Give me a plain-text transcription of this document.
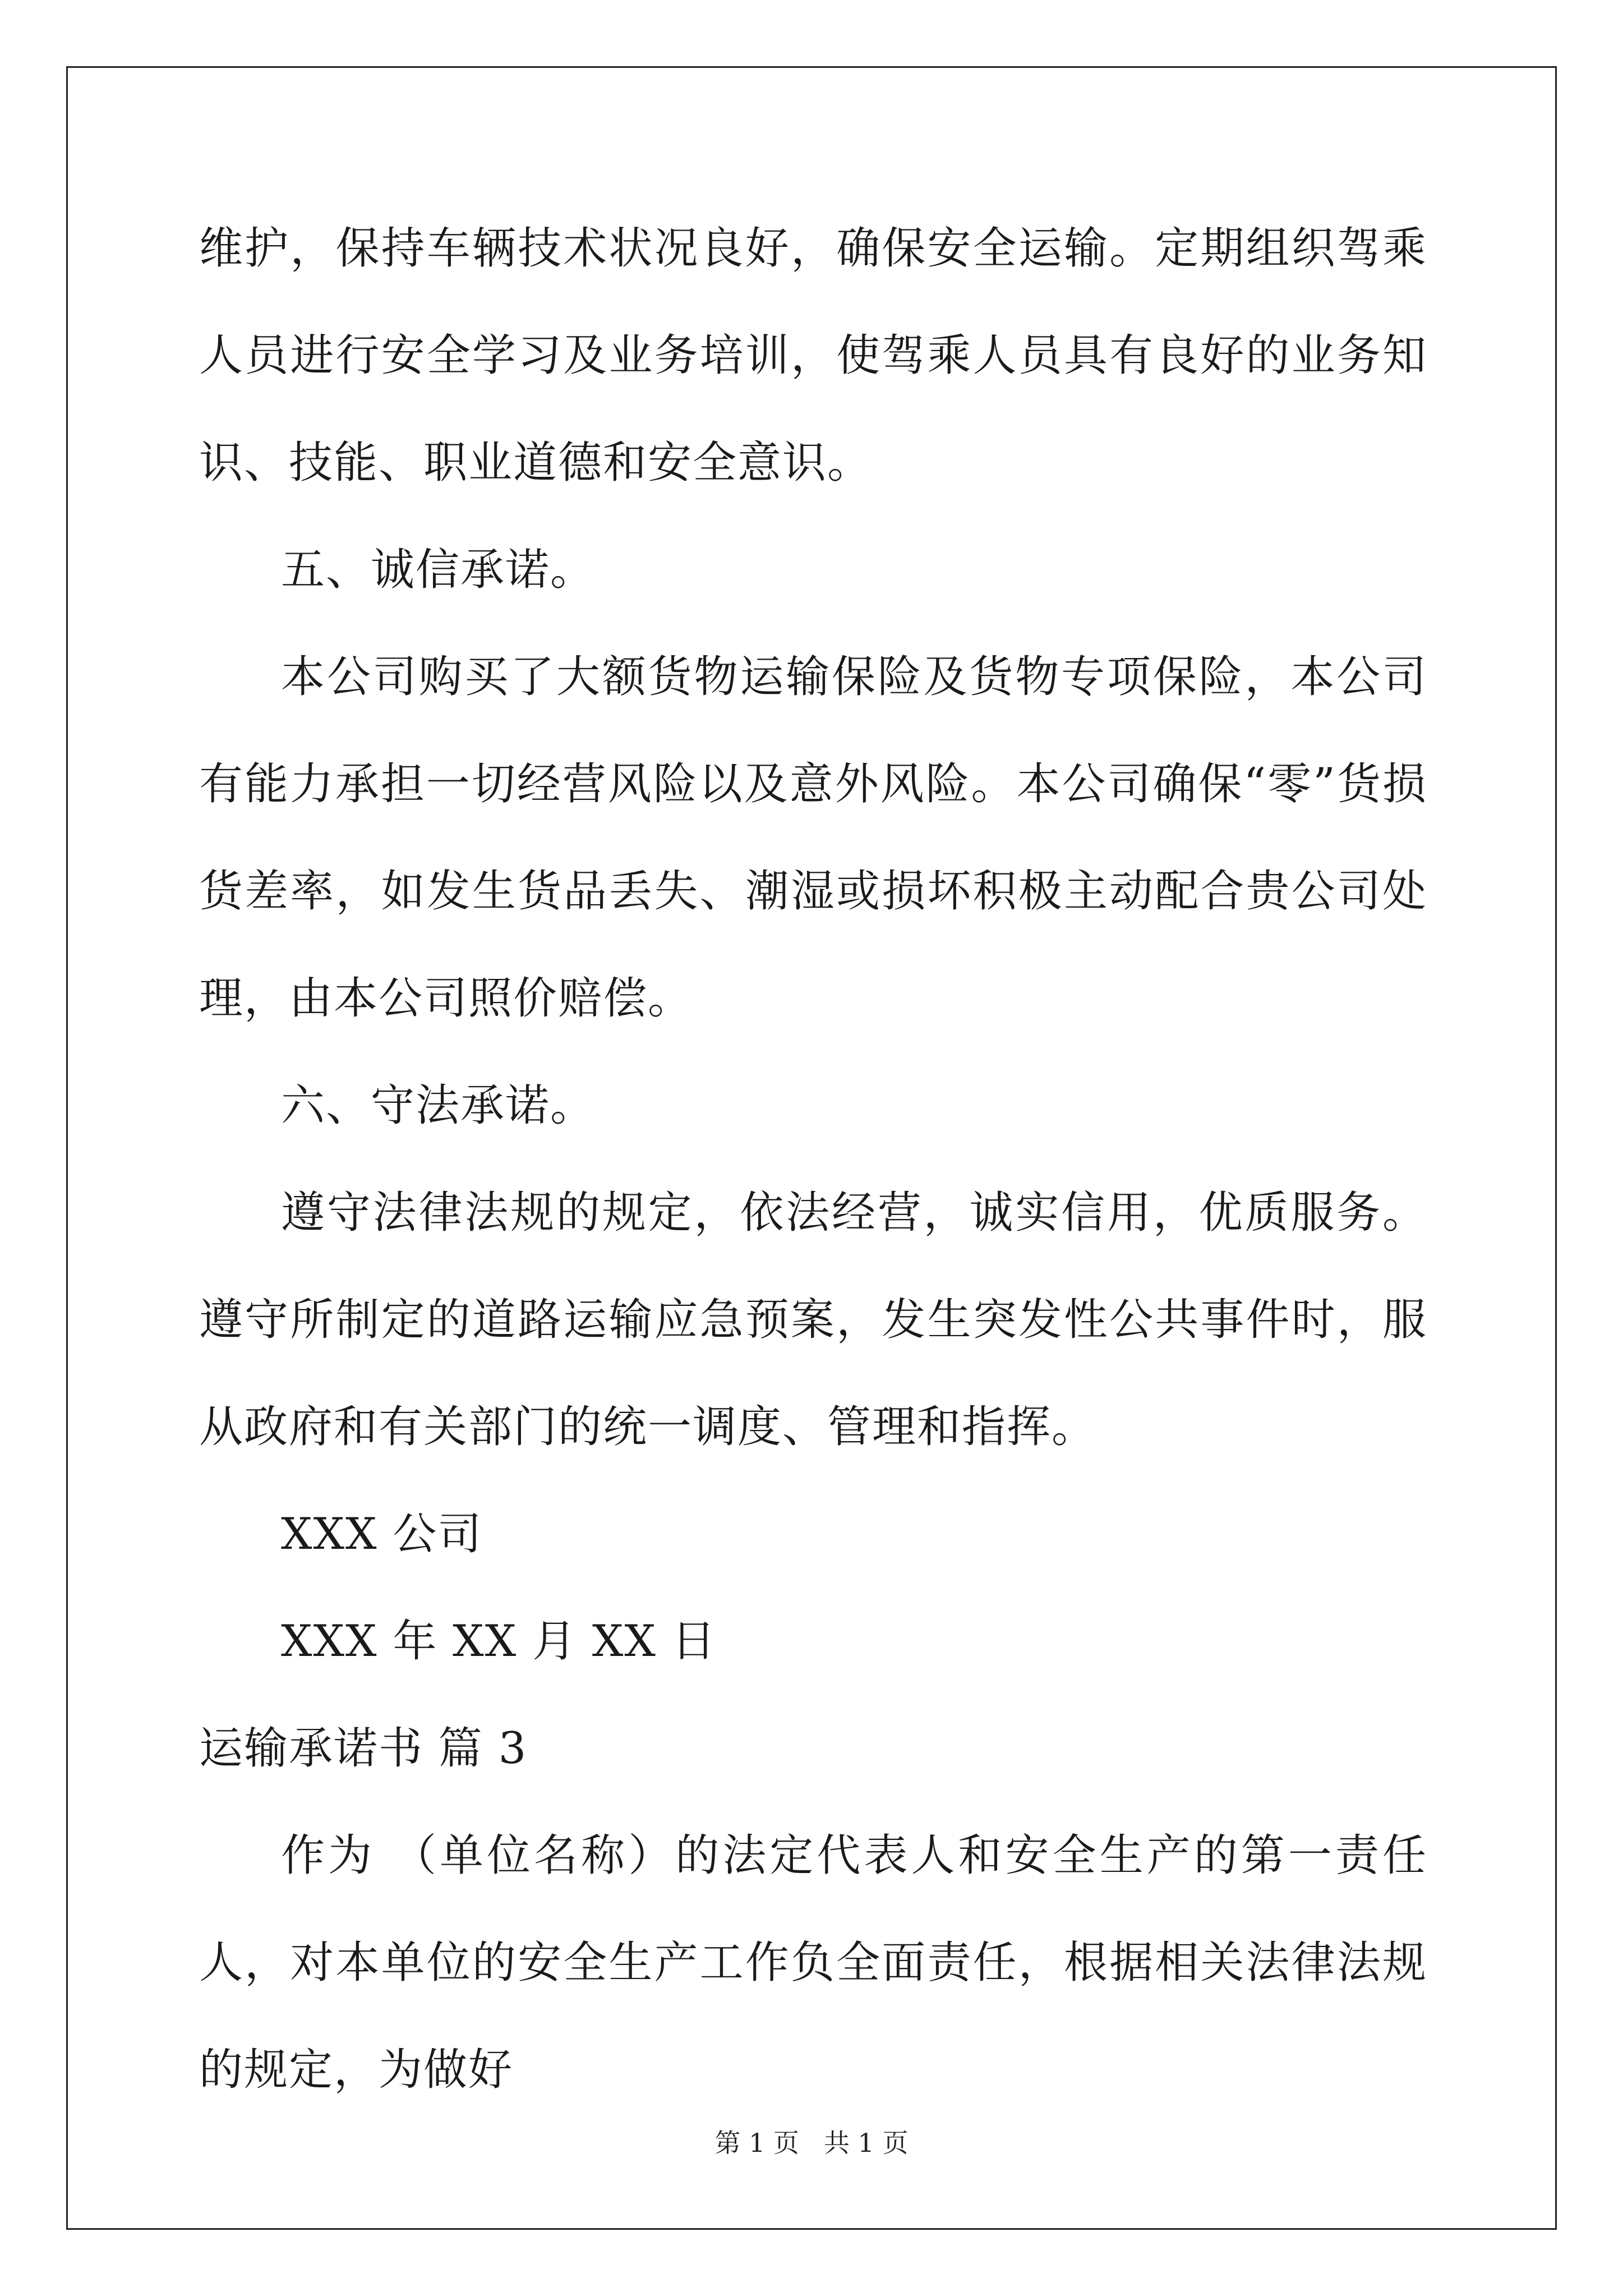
维护，保持车辆技术状况良好，确保安全运输。定期组织驾乘人员进行安全学习及业务培训，使驾乘人员具有良好的业务知识、技能、职业道德和安全意识。

五、诚信承诺。

本公司购买了大额货物运输保险及货物专项保险，本公司有能力承担一切经营风险以及意外风险。本公司确保“零”货损货差率，如发生货品丢失、潮湿或损坏积极主动配合贵公司处理，由本公司照价赔偿。

六、守法承诺。

遵守法律法规的规定，依法经营，诚实信用，优质服务。遵守所制定的道路运输应急预案，发生突发性公共事件时，服从政府和有关部门的统一调度、管理和指挥。

XXX 公司

XXX 年 XX 月 XX 日

运输承诺书 篇 3

作为 （单位名称）的法定代表人和安全生产的第一责任人，对本单位的安全生产工作负全面责任，根据相关法律法规的规定，为做好

第 1 页 共 1 页
